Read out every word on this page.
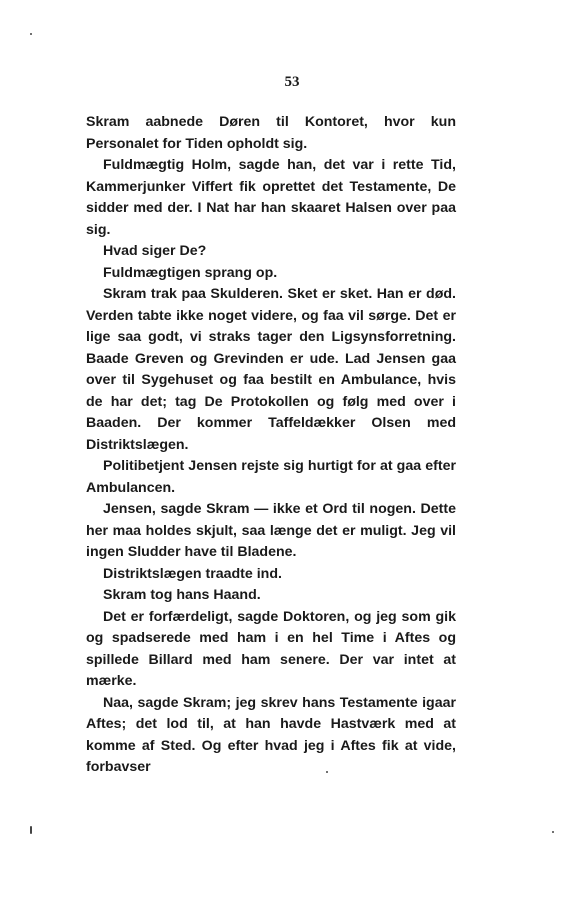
53

Skram aabnede Døren til Kontoret, hvor kun Personalet for Tiden opholdt sig.

Fuldmægtig Holm, sagde han, det var i rette Tid, Kammerjunker Viffert fik oprettet det Testamente, De sidder med der. I Nat har han skaaret Halsen over paa sig.

Hvad siger De?

Fuldmægtigen sprang op.

Skram trak paa Skulderen. Sket er sket. Han er død. Verden tabte ikke noget videre, og faa vil sørge. Det er lige saa godt, vi straks tager den Ligsynsforretning. Baade Greven og Grevinden er ude. Lad Jensen gaa over til Sygehuset og faa bestilt en Ambulance, hvis de har det; tag De Protokollen og følg med over i Baaden. Der kommer Taffeldækker Olsen med Distriktslægen.

Politibetjent Jensen rejste sig hurtigt for at gaa efter Ambulancen.

Jensen, sagde Skram — ikke et Ord til nogen. Dette her maa holdes skjult, saa længe det er muligt. Jeg vil ingen Sludder have til Bladene.

Distriktslægen traadte ind.

Skram tog hans Haand.

Det er forfærdeligt, sagde Doktoren, og jeg som gik og spadserede med ham i en hel Time i Aftes og spillede Billard med ham senere. Der var intet at mærke.

Naa, sagde Skram; jeg skrev hans Testamente igaar Aftes; det lod til, at han havde Hastværk med at komme af Sted. Og efter hvad jeg i Aftes fik at vide, forbavser
